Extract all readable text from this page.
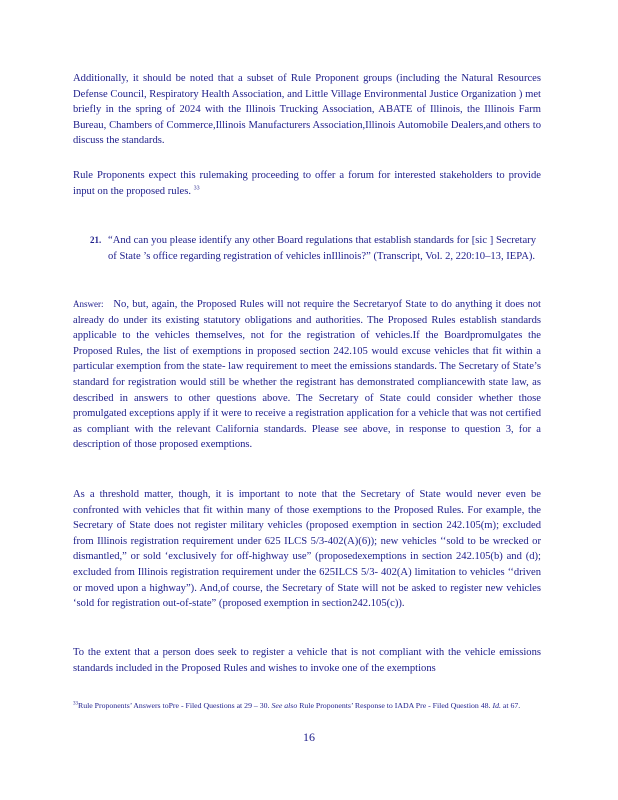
Additionally, it should be noted that a subset of Rule Proponent groups (including the Natural Resources Defense Council, Respiratory Health Association, and Little Village Environmental Justice Organization ) met briefly in the spring of 2024 with the Illinois Trucking Association, ABATE of Illinois, the Illinois Farm Bureau, Chambers of Commerce,Illinois Manufacturers Association,Illinois Automobile Dealers,and others to discuss the standards.

Rule Proponents expect this rulemaking proceeding to offer a forum for interested stakeholders to provide input on the proposed rules. $^{33}$

21. “And can you please identify any other Board regulations that establish standards for [sic ] Secretary of State ’s office regarding registration of vehicles inIllinois?” (Transcript, Vol. 2, 220:10–13, IEPA).

Answer: No, but, again, the Proposed Rules will not require the Secretaryof State to do anything it does not already do under its existing statutory obligations and authorities. The Proposed Rules establish standards applicable to the vehicles themselves, not for the registration of vehicles.If the Boardpromulgates the Proposed Rules, the list of exemptions in proposed section 242.105 would excuse vehicles that fit within a particular exemption from the state- law requirement to meet the emissions standards. The Secretary of State’s standard for registration would still be whether the registrant has demonstrated compliancewith state law, as described in answers to other questions above. The Secretary of State could consider whether those promulgated exceptions apply if it were to receive a registration application for a vehicle that was not certified as compliant with the relevant California standards. Please see above, in response to question 3, for a description of those proposed exemptions.

As a threshold matter, though, it is important to note that the Secretary of State would never even be confronted with vehicles that fit within many of those exemptions to the Proposed Rules. For example, the Secretary of State does not register military vehicles (proposed exemption in section 242.105(m); excluded from Illinois registration requirement under 625 ILCS 5/3-402(A)(6)); new vehicles ‘‘sold to be wrecked or dismantled,” or sold ‘exclusively for off-highway use” (proposedexemptions in section 242.105(b) and (d); excluded from Illinois registration requirement under the 625ILCS 5/3- 402(A) limitation to vehicles ‘‘driven or moved upon a highway”). And,of course, the Secretary of State will not be asked to register new vehicles ‘sold for registration out-of-state” (proposed exemption in section242.105(c)).

To the extent that a person does seek to register a vehicle that is not compliant with the vehicle emissions standards included in the Proposed Rules and wishes to invoke one of the exemptions

$^{33}$Rule Proponents’ Answers toPre - Filed Questions at 29 – 30. See also Rule Proponents’ Response to IADA Pre - Filed Question 48. Id. at 67.

16
